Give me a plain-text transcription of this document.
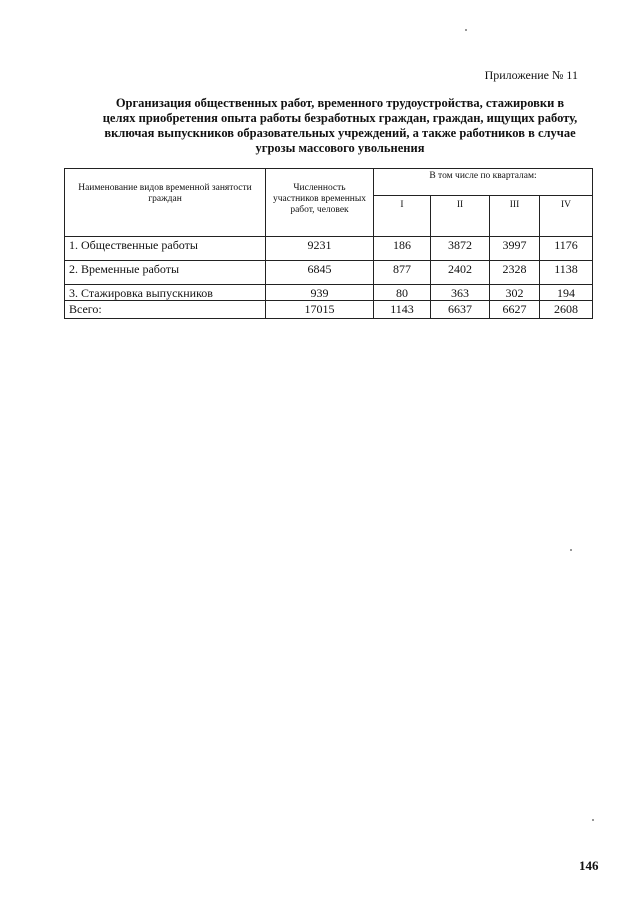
Приложение № 11
Организация общественных работ, временного трудоустройства, стажировки в
целях приобретения опыта работы безработных граждан, граждан, ищущих работу,
включая выпускников образовательных учреждений, а также работников в случае
угрозы массового увольнения
Наименование видов временной занятости граждан	Численность участников временных работ, человек	В том числе по кварталам:			
		I	II	III	IV
1. Общественные работы	9231	186	3872	3997	1176
2. Временные работы	6845	877	2402	2328	1138
3. Стажировка выпускников	939	80	363	302	194
Всего:	17015	1143	6637	6627	2608
146
